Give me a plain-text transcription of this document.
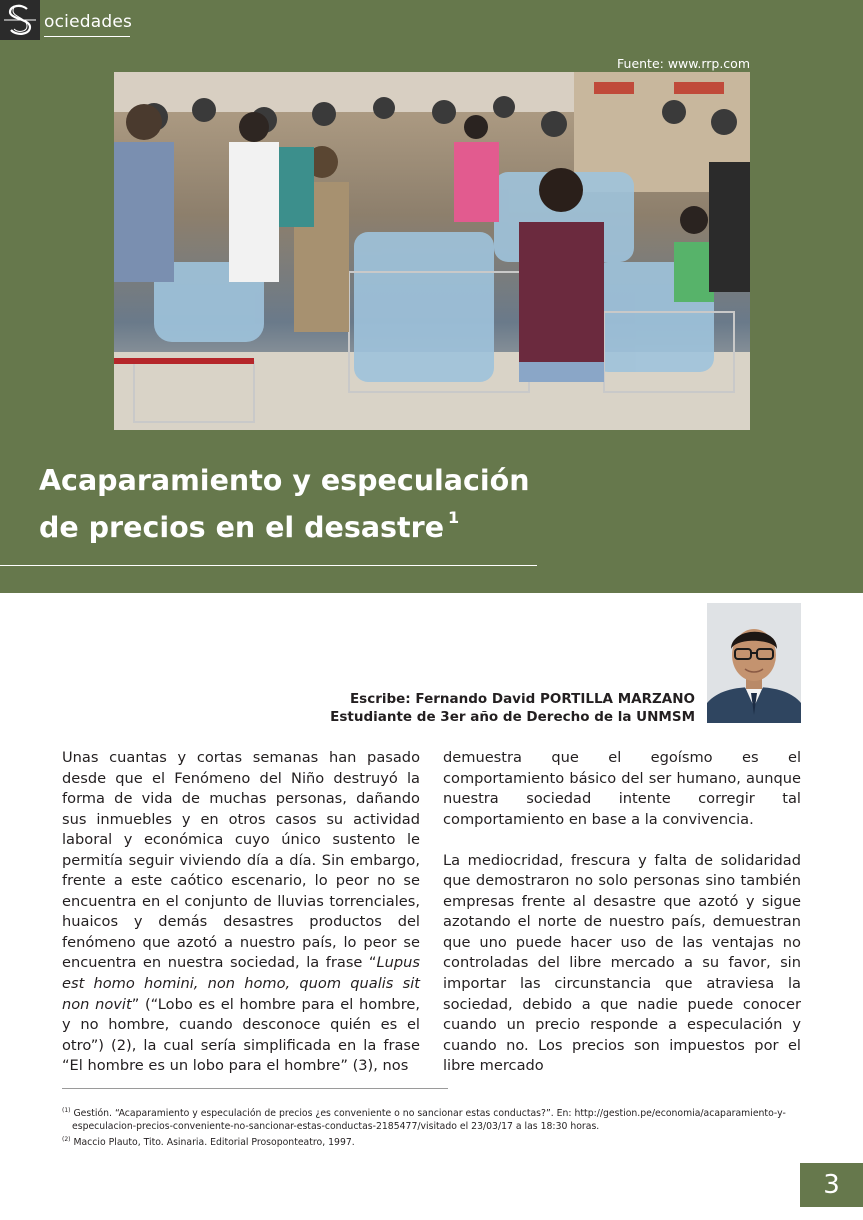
ociedades
Fuente: www.rrp.com
Acaparamiento y especulación de precios en el desastre $^1$
Escribe: Fernando David PORTILLA MARZANO
Estudiante de 3er año de Derecho de la UNMSM

Unas cuantas y cortas semanas han pasado desde que el Fenómeno del Niño destruyó la forma de vida de muchas personas, dañando sus inmuebles y en otros casos su actividad laboral y económica cuyo único sustento le permitía seguir viviendo día a día. Sin embargo, frente a este caótico escenario, lo peor no se encuentra en el conjunto de lluvias torrenciales, huaicos y demás desastres productos del fenómeno que azotó a nuestro país, lo peor se encuentra en nuestra sociedad, la frase “Lupus est homo homini, non homo, quom qualis sit non novit” (“Lobo es el hombre para el hombre, y no hombre, cuando desconoce quién es el otro”) (2), la cual sería simplificada en la frase “El hombre es un lobo para el hombre” (3), nos

demuestra que el egoísmo es el comportamiento básico del ser humano, aunque nuestra sociedad intente corregir tal comportamiento en base a la convivencia.

La mediocridad, frescura y falta de solidaridad que demostraron no solo personas sino también empresas frente al desastre que azotó y sigue azotando el norte de nuestro país, demuestran que uno puede hacer uso de las ventajas no controladas del libre mercado a su favor, sin importar las circunstancia que atraviesa la sociedad, debido a que nadie puede conocer cuando un precio responde a especulación y cuando no. Los precios son impuestos por el libre mercado

$^{(1)}$ Gestión. “Acaparamiento y especulación de precios ¿es conveniente o no sancionar estas conductas?”. En: http://gestion.pe/economia/acaparamiento-y-
especulacion-precios-conveniente-no-sancionar-estas-conductas-2185477/visitado el 23/03/17 a las 18:30 horas.

$^{(2)}$ Maccio Plauto, Tito. Asinaria. Editorial Prosoponteatro, 1997.

3
